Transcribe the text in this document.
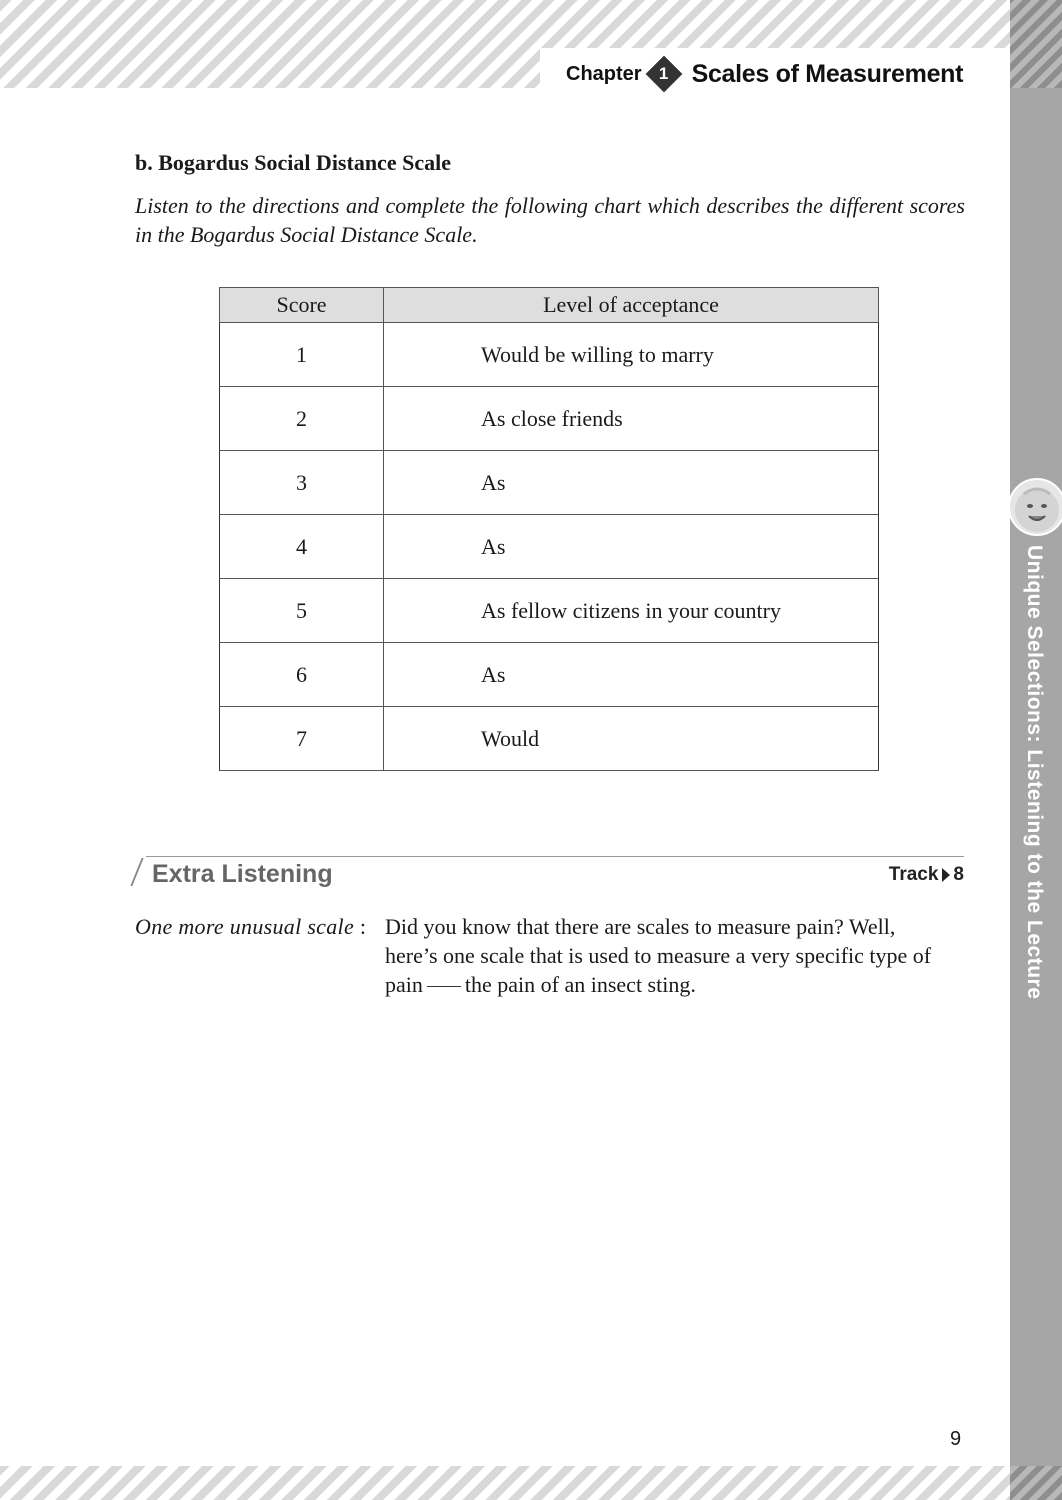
Unique Selections: Listening to the Lecture
Chapter	1 Scales of Measurement
b. Bogardus Social Distance Scale
Listen to the directions and complete the following chart which describes the different scores in the Bogardus Social Distance Scale.
Score	Level of acceptance
1	Would be willing to marry
2	As close friends
3	As
4	As
5	As fellow citizens in your country
6	As
7	Would
Extra Listening	Track 8
One more unusual scale : Did you know that there are scales to measure pain? Well,
here’s one scale that is used to measure a very specific type of
pain the pain of an insect sting.
9
